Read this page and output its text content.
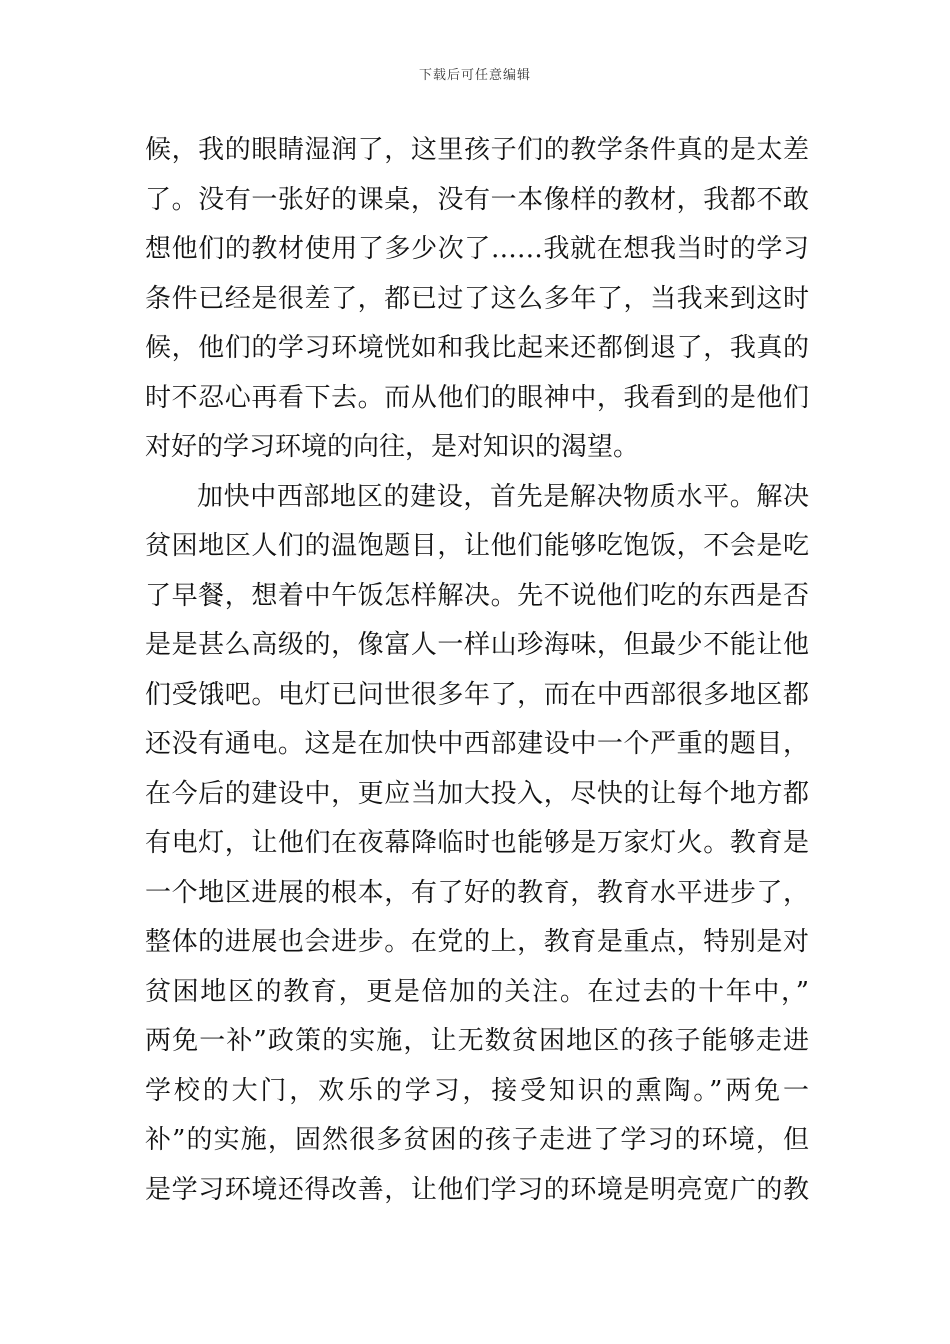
下载后可任意编辑
候，我的眼睛湿润了，这里孩子们的教学条件真的是太差
了。没有一张好的课桌，没有一本像样的教材，我都不敢
想他们的教材使用了多少次了……我就在想我当时的学习
条件已经是很差了，都已过了这么多年了，当我来到这时
候，他们的学习环境恍如和我比起来还都倒退了，我真的
时不忍心再看下去。而从他们的眼神中，我看到的是他们
对好的学习环境的向往，是对知识的渴望。
加快中西部地区的建设，首先是解决物质水平。解决
贫困地区人们的温饱题目，让他们能够吃饱饭，不会是吃
了早餐，想着中午饭怎样解决。先不说他们吃的东西是否
是是甚么高级的，像富人一样山珍海味，但最少不能让他
们受饿吧。电灯已问世很多年了，而在中西部很多地区都
还没有通电。这是在加快中西部建设中一个严重的题目，
在今后的建设中，更应当加大投入，尽快的让每个地方都
有电灯，让他们在夜幕降临时也能够是万家灯火。教育是
一个地区进展的根本，有了好的教育，教育水平进步了，
整体的进展也会进步。在党的上，教育是重点，特别是对
贫困地区的教育，更是倍加的关注。在过去的十年中，”
两免一补”政策的实施，让无数贫困地区的孩子能够走进
学校的大门，欢乐的学习，接受知识的熏陶。”两免一
补”的实施，固然很多贫困的孩子走进了学习的环境，但
是学习环境还得改善，让他们学习的环境是明亮宽广的教
